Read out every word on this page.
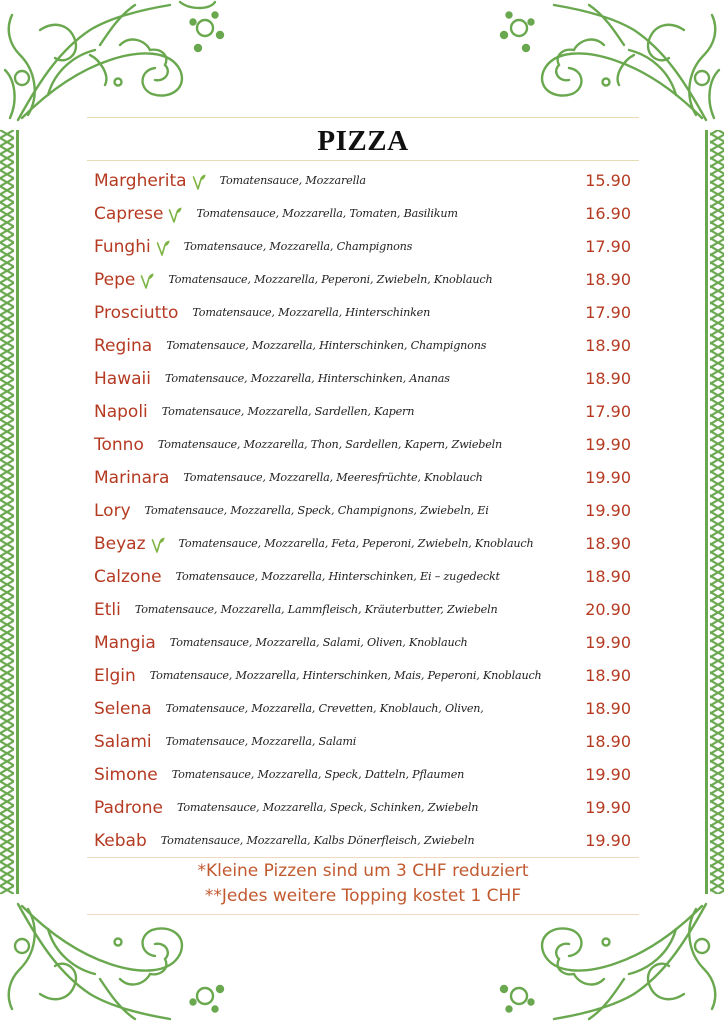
PIZZA
Margherita	Tomatensauce, Mozzarella	15.90
Caprese	Tomatensauce, Mozzarella, Tomaten, Basilikum	16.90
Funghi	Tomatensauce, Mozzarella, Champignons	17.90
Pepe	Tomatensauce, Mozzarella, Peperoni, Zwiebeln, Knoblauch	18.90
Prosciutto Tomatensauce, Mozzarella, Hinterschinken	17.90
Regina Tomatensauce, Mozzarella, Hinterschinken, Champignons	18.90
Hawaii Tomatensauce, Mozzarella, Hinterschinken, Ananas	18.90
Napoli Tomatensauce, Mozzarella, Sardellen, Kapern	17.90
Tonno Tomatensauce, Mozzarella, Thon, Sardellen, Kapern, Zwiebeln	19.90
Marinara Tomatensauce, Mozzarella, Meeresfrüchte, Knoblauch	19.90
Lory Tomatensauce, Mozzarella, Speck, Champignons, Zwiebeln, Ei	19.90
Beyaz	Tomatensauce, Mozzarella, Feta, Peperoni, Zwiebeln, Knoblauch	18.90
Calzone Tomatensauce, Mozzarella, Hinterschinken, Ei – zugedeckt	18.90
Etli Tomatensauce, Mozzarella, Lammfleisch, Kräuterbutter, Zwiebeln	20.90
Mangia Tomatensauce, Mozzarella, Salami, Oliven, Knoblauch	19.90
Elgin Tomatensauce, Mozzarella, Hinterschinken, Mais, Peperoni, Knoblauch	18.90
Selena Tomatensauce, Mozzarella, Crevetten, Knoblauch, Oliven,	18.90
Salami Tomatensauce, Mozzarella, Salami	18.90
Simone Tomatensauce, Mozzarella, Speck, Datteln, Pflaumen	19.90
Padrone Tomatensauce, Mozzarella, Speck, Schinken, Zwiebeln	19.90
Kebab Tomatensauce, Mozzarella, Kalbs Dönerfleisch, Zwiebeln	19.90
*Kleine Pizzen sind um 3 CHF reduziert
**Jedes weitere Topping kostet 1 CHF
